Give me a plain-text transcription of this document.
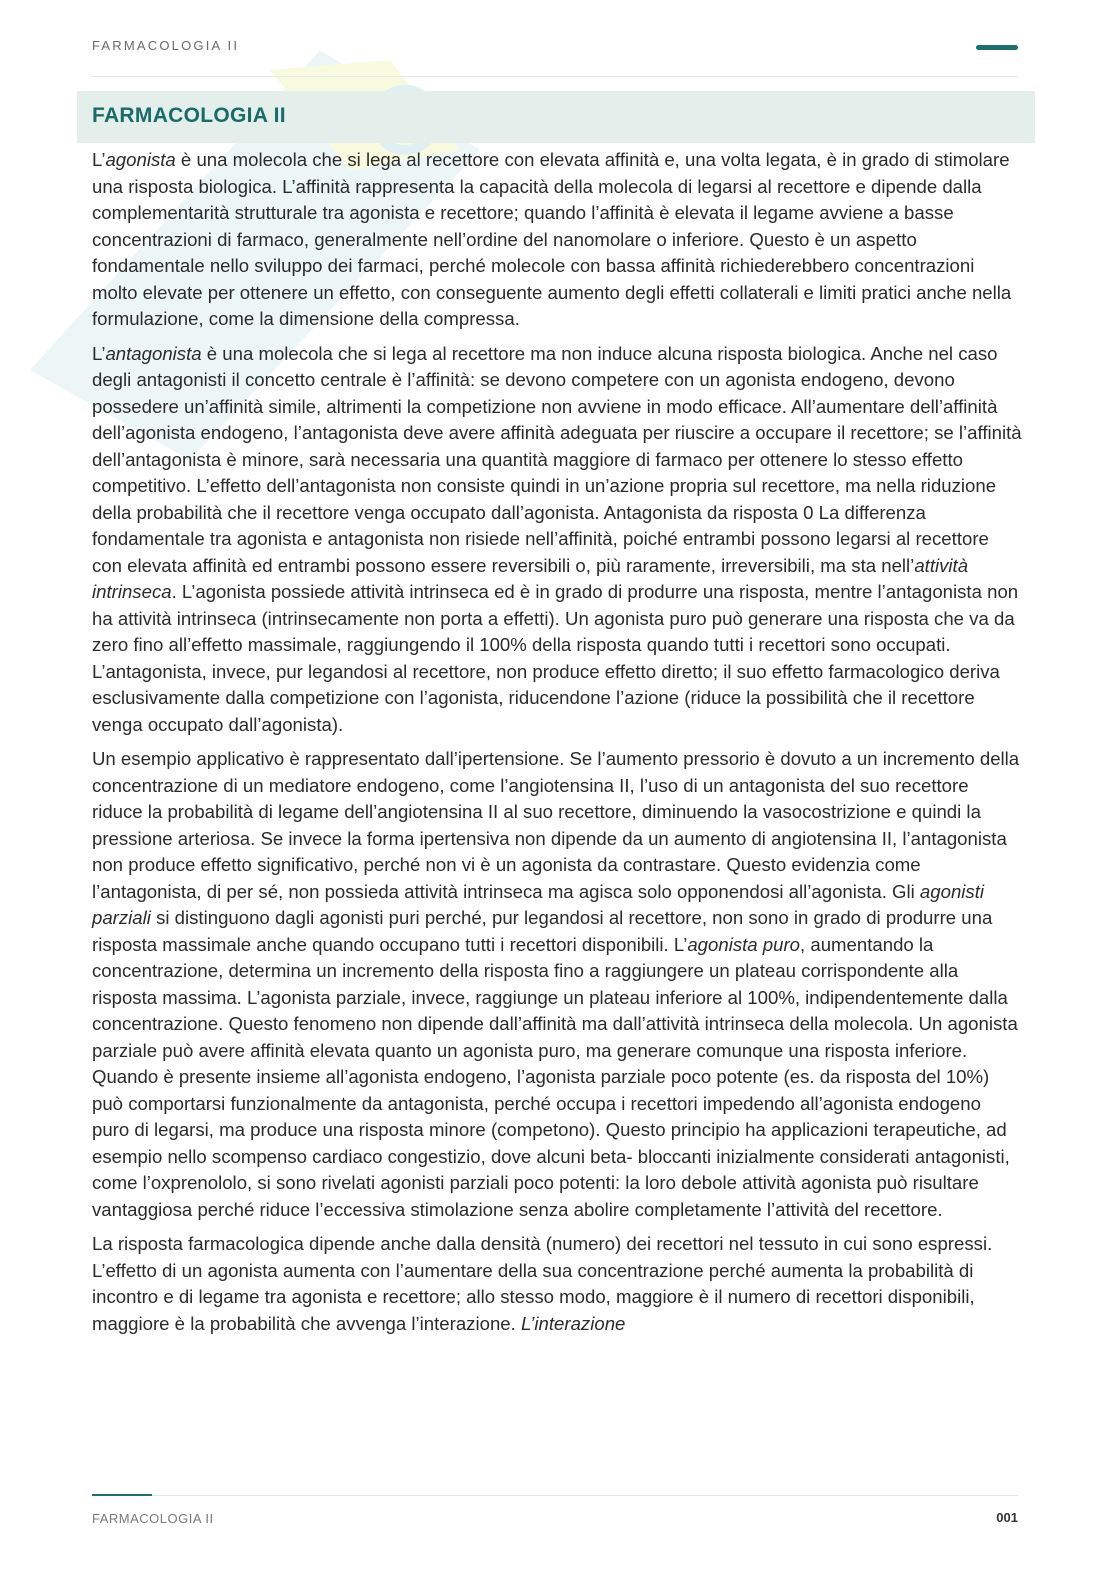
FARMACOLOGIA II
FARMACOLOGIA II

L’agonista è una molecola che si lega al recettore con elevata affinità e, una volta legata, è in grado di stimolare una risposta biologica. L’affinità rappresenta la capacità della molecola di legarsi al recettore e dipende dalla complementarità strutturale tra agonista e recettore; quando l’affinità è elevata il legame avviene a basse concentrazioni di farmaco, generalmente nell’ordine del nanomolare o inferiore. Questo è un aspetto fondamentale nello sviluppo dei farmaci, perché molecole con bassa affinità richiederebbero concentrazioni molto elevate per ottenere un effetto, con conseguente aumento degli effetti collaterali e limiti pratici anche nella formulazione, come la dimensione della compressa.

L’antagonista è una molecola che si lega al recettore ma non induce alcuna risposta biologica. Anche nel caso degli antagonisti il concetto centrale è l’affinità: se devono competere con un agonista endogeno, devono possedere un’affinità simile, altrimenti la competizione non avviene in modo efficace. All’aumentare dell’affinità dell’agonista endogeno, l’antagonista deve avere affinità adeguata per riuscire a occupare il recettore; se l’affinità dell’antagonista è minore, sarà necessaria una quantità maggiore di farmaco per ottenere lo stesso effetto competitivo. L’effetto dell’antagonista non consiste quindi in un’azione propria sul recettore, ma nella riduzione della probabilità che il recettore venga occupato dall’agonista. Antagonista da risposta 0 La differenza fondamentale tra agonista e antagonista non risiede nell’affinità, poiché entrambi possono legarsi al recettore con elevata affinità ed entrambi possono essere reversibili o, più raramente, irreversibili, ma sta nell’attività intrinseca. L’agonista possiede attività intrinseca ed è in grado di produrre una risposta, mentre l’antagonista non ha attività intrinseca (intrinsecamente non porta a effetti). Un agonista puro può generare una risposta che va da zero fino all’effetto massimale, raggiungendo il 100% della risposta quando tutti i recettori sono occupati. L’antagonista, invece, pur legandosi al recettore, non produce effetto diretto; il suo effetto farmacologico deriva esclusivamente dalla competizione con l’agonista, riducendone l’azione (riduce la possibilità che il recettore venga occupato dall’agonista).

Un esempio applicativo è rappresentato dall’ipertensione. Se l’aumento pressorio è dovuto a un incremento della concentrazione di un mediatore endogeno, come l’angiotensina II, l’uso di un antagonista del suo recettore riduce la probabilità di legame dell’angiotensina II al suo recettore, diminuendo la vasocostrizione e quindi la pressione arteriosa. Se invece la forma ipertensiva non dipende da un aumento di angiotensina II, l’antagonista non produce effetto significativo, perché non vi è un agonista da contrastare. Questo evidenzia come l’antagonista, di per sé, non possieda attività intrinseca ma agisca solo opponendosi all’agonista. Gli agonisti parziali si distinguono dagli agonisti puri perché, pur legandosi al recettore, non sono in grado di produrre una risposta massimale anche quando occupano tutti i recettori disponibili. L’agonista puro, aumentando la concentrazione, determina un incremento della risposta fino a raggiungere un plateau corrispondente alla risposta massima. L’agonista parziale, invece, raggiunge un plateau inferiore al 100%, indipendentemente dalla concentrazione. Questo fenomeno non dipende dall’affinità ma dall’attività intrinseca della molecola. Un agonista parziale può avere affinità elevata quanto un agonista puro, ma generare comunque una risposta inferiore. Quando è presente insieme all’agonista endogeno, l’agonista parziale poco potente (es. da risposta del 10%) può comportarsi funzionalmente da antagonista, perché occupa i recettori impedendo all’agonista endogeno puro di legarsi, ma produce una risposta minore (competono). Questo principio ha applicazioni terapeutiche, ad esempio nello scompenso cardiaco congestizio, dove alcuni beta- bloccanti inizialmente considerati antagonisti, come l’oxprenololo, si sono rivelati agonisti parziali poco potenti: la loro debole attività agonista può risultare vantaggiosa perché riduce l’eccessiva stimolazione senza abolire completamente l’attività del recettore.

La risposta farmacologica dipende anche dalla densità (numero) dei recettori nel tessuto in cui sono espressi. L’effetto di un agonista aumenta con l’aumentare della sua concentrazione perché aumenta la probabilità di incontro e di legame tra agonista e recettore; allo stesso modo, maggiore è il numero di recettori disponibili, maggiore è la probabilità che avvenga l’interazione. L’interazione

FARMACOLOGIA II	001
